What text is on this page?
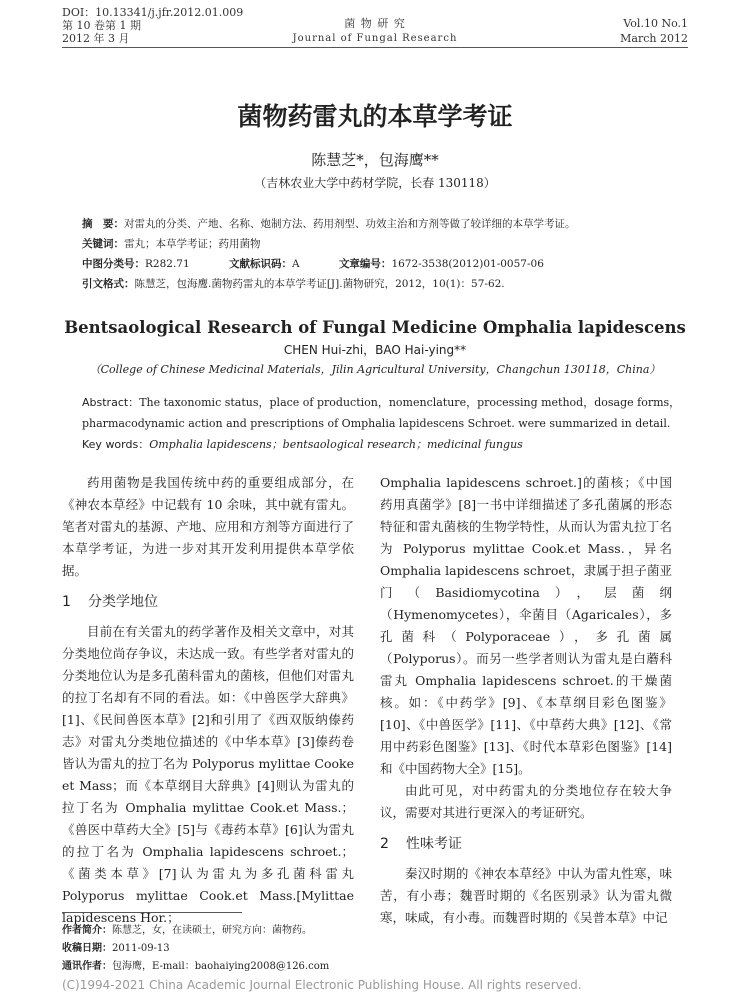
DOI：10.13341/j.jfr.2012.01.009
第 10 卷第 1 期
2012 年 3 月
菌 物 研 究
Journal of Fungal Research
Vol.10 No.1
March 2012
菌物药雷丸的本草学考证
陈慧芝*，包海鹰**
（吉林农业大学中药材学院，长春 130118）
摘　要：对雷丸的分类、产地、名称、炮制方法、药用剂型、功效主治和方剂等做了较详细的本草学考证。
关键词：雷丸；本草学考证；药用菌物
中图分类号：R282.71	文献标识码：A	文章编号：1672-3538(2012)01-0057-06
引文格式：陈慧芝，包海鹰.菌物药雷丸的本草学考证[J].菌物研究，2012，10(1)：57-62.
Bentsaological Research of Fungal Medicine Omphalia lapidescens
CHEN Hui-zhi，BAO Hai-ying**
（College of Chinese Medicinal Materials，Jilin Agricultural University，Changchun 130118，China）
Abstract：The taxonomic status，place of production，nomenclature，processing method，dosage forms，pharmacodynamic action and prescriptions of Omphalia lapidescens Schroet. were summarized in detail.
Key words：Omphalia lapidescens；bentsaological research；medicinal fungus

药用菌物是我国传统中药的重要组成部分，在《神农本草经》中记载有 10 余味，其中就有雷丸。笔者对雷丸的基源、产地、应用和方剂等方面进行了本草学考证，为进一步对其开发利用提供本草学依据。

1 分类学地位

目前在有关雷丸的药学著作及相关文章中，对其分类地位尚存争议，未达成一致。有些学者对雷丸的分类地位认为是多孔菌科雷丸的菌核，但他们对雷丸的拉丁名却有不同的看法。如：《中兽医学大辞典》[1]、《民间兽医本草》[2]和引用了《西双版纳傣药志》对雷丸分类地位描述的《中华本草》[3]傣药卷皆认为雷丸的拉丁名为 Polyporus mylittae Cooke et Mass；而《本草纲目大辞典》[4]则认为雷丸的拉丁名为 Omphalia mylittae Cook.et Mass.；《兽医中草药大全》[5]与《毒药本草》[6]认为雷丸的拉丁名为 Omphalia lapidescens schroet.；《菌类本草》[7]认为雷丸为多孔菌科雷丸 Polyporus mylittae Cook.et Mass.[Mylittae lapidescens Hor.；

Omphalia lapidescens schroet.]的菌核；《中国药用真菌学》[8]一书中详细描述了多孔菌属的形态特征和雷丸菌核的生物学特性，从而认为雷丸拉丁名为 Polyporus mylittae Cook.et Mass.，异名 Omphalia lapidescens schroet，隶属于担子菌亚门（Basidiomycotina），层菌纲（Hymenomycetes），伞菌目（Agaricales），多孔菌科（Polyporaceae），多孔菌属（Polyporus）。而另一些学者则认为雷丸是白蘑科雷丸 Omphalia lapidescens schroet.的干燥菌核。如：《中药学》[9]、《本草纲目彩色图鉴》[10]、《中兽医学》[11]、《中草药大典》[12]、《常用中药彩色图鉴》[13]、《时代本草彩色图鉴》[14]和《中国药物大全》[15]。

由此可见，对中药雷丸的分类地位存在较大争议，需要对其进行更深入的考证研究。

2 性味考证

秦汉时期的《神农本草经》中认为雷丸性寒，味苦，有小毒；魏晋时期的《名医别录》认为雷丸微寒，味咸，有小毒。而魏晋时期的《吴普本草》中记

作者简介：陈慧芝，女，在读硕士，研究方向：菌物药。
收稿日期：2011-09-13
通讯作者：包海鹰，E-mail：baohaiying2008@126.com
(C)1994-2021 China Academic Journal Electronic Publishing House. All rights reserved.
